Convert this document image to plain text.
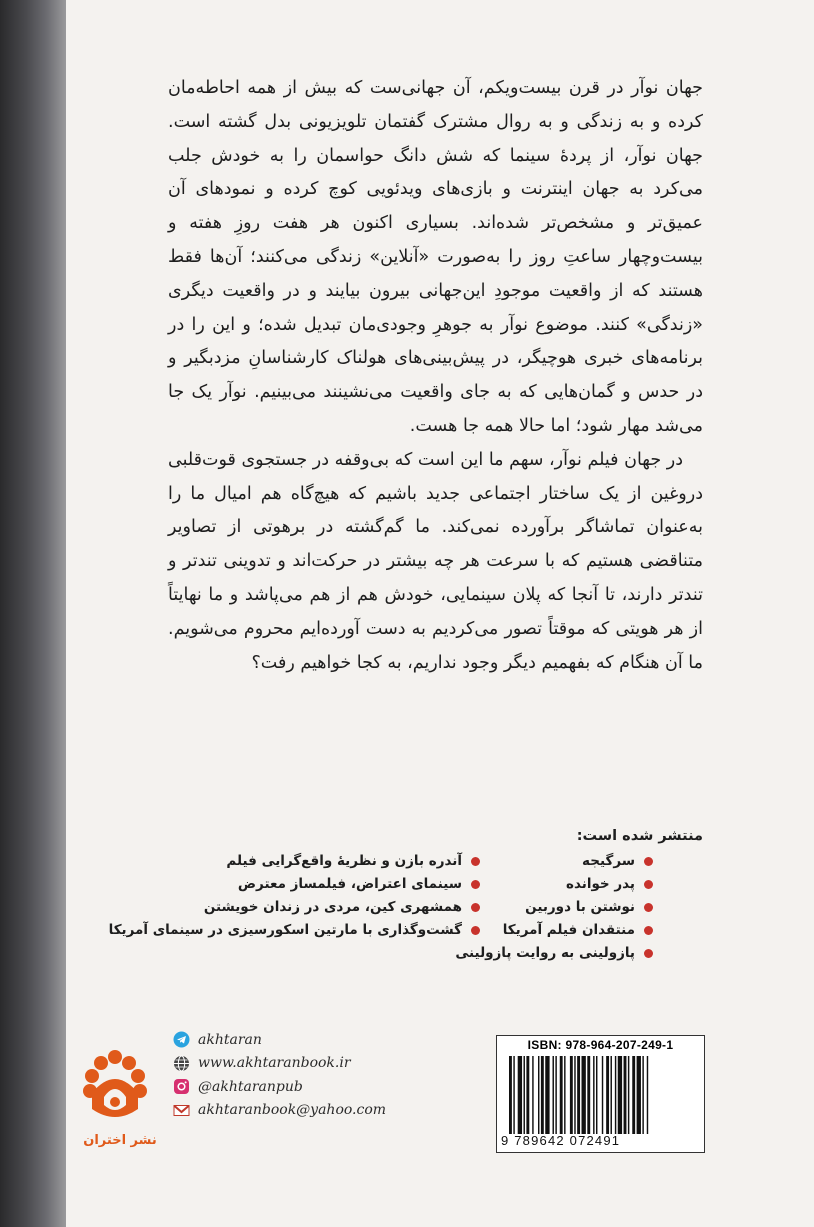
جهان نوآر در قرن بیست‌ویکم، آن جهانی‌ست که بیش از همه احاطه‌مان کرده و به زندگی و به روال مشترک گفتمان تلویزیونی بدل گشته است. جهان نوآر، از پردهٔ سینما که شش دانگ حواسمان را به خودش جلب می‌کرد به جهان اینترنت و بازی‌های ویدئویی کوچ کرده و نمودهای آن عمیق‌تر و مشخص‌تر شده‌اند. بسیاری اکنون هر هفت روزِ هفته و بیست‌وچهار ساعتِ روز را به‌صورت «آنلاین» زندگی می‌کنند؛ آن‌ها فقط هستند که از واقعیت موجودِ این‌جهانی بیرون بیایند و در واقعیت دیگری «زندگی» کنند. موضوع نوآر به جوهرِ وجودی‌مان تبدیل شده؛ و این را در برنامه‌های خبری هوچیگر، در پیش‌بینی‌های هولناک کارشناسانِ مزدبگیر و در حدس و گمان‌هایی که به جای واقعیت می‌نشینند می‌بینیم. نوآر یک جا می‌شد مهار شود؛ اما حالا همه جا هست.

در جهان فیلم نوآر، سهم ما این است که بی‌وقفه در جستجوی قوت‌قلبی دروغین از یک ساختار اجتماعی جدید باشیم که هیچ‌گاه هم امیال ما را به‌عنوان تماشاگر برآورده نمی‌کند. ما گم‌گشته در برهوتی از تصاویر متناقضی هستیم که با سرعت هر چه بیشتر در حرکت‌اند و تدوینی تندتر و تندتر دارند، تا آنجا که پلان سینمایی، خودش هم از هم می‌پاشد و ما نهایتاً از هر هویتی که موقتاً تصور می‌کردیم به دست آورده‌ایم محروم می‌شویم. ما آن هنگام که بفهمیم دیگر وجود نداریم، به کجا خواهیم رفت؟

منتشر شده است:
سرگیجه
پدر خوانده
نوشتن با دوربین
منتقدان فیلم آمریکا
پازولینی به روایت پازولینی
آندره بازن و نظریهٔ واقع‌گرایی فیلم
سینمای اعتراض، فیلمساز معترض
همشهری کین، مردی در زندان خویشتن
گشت‌وگذاری با مارتین اسکورسیزی در سینمای آمریکا
نشر اختران
akhtaran
www.akhtaranbook.ir
@akhtaranpub
akhtaranbook@yahoo.com
ISBN: 978-964-207-249-1
9 789642 072491
